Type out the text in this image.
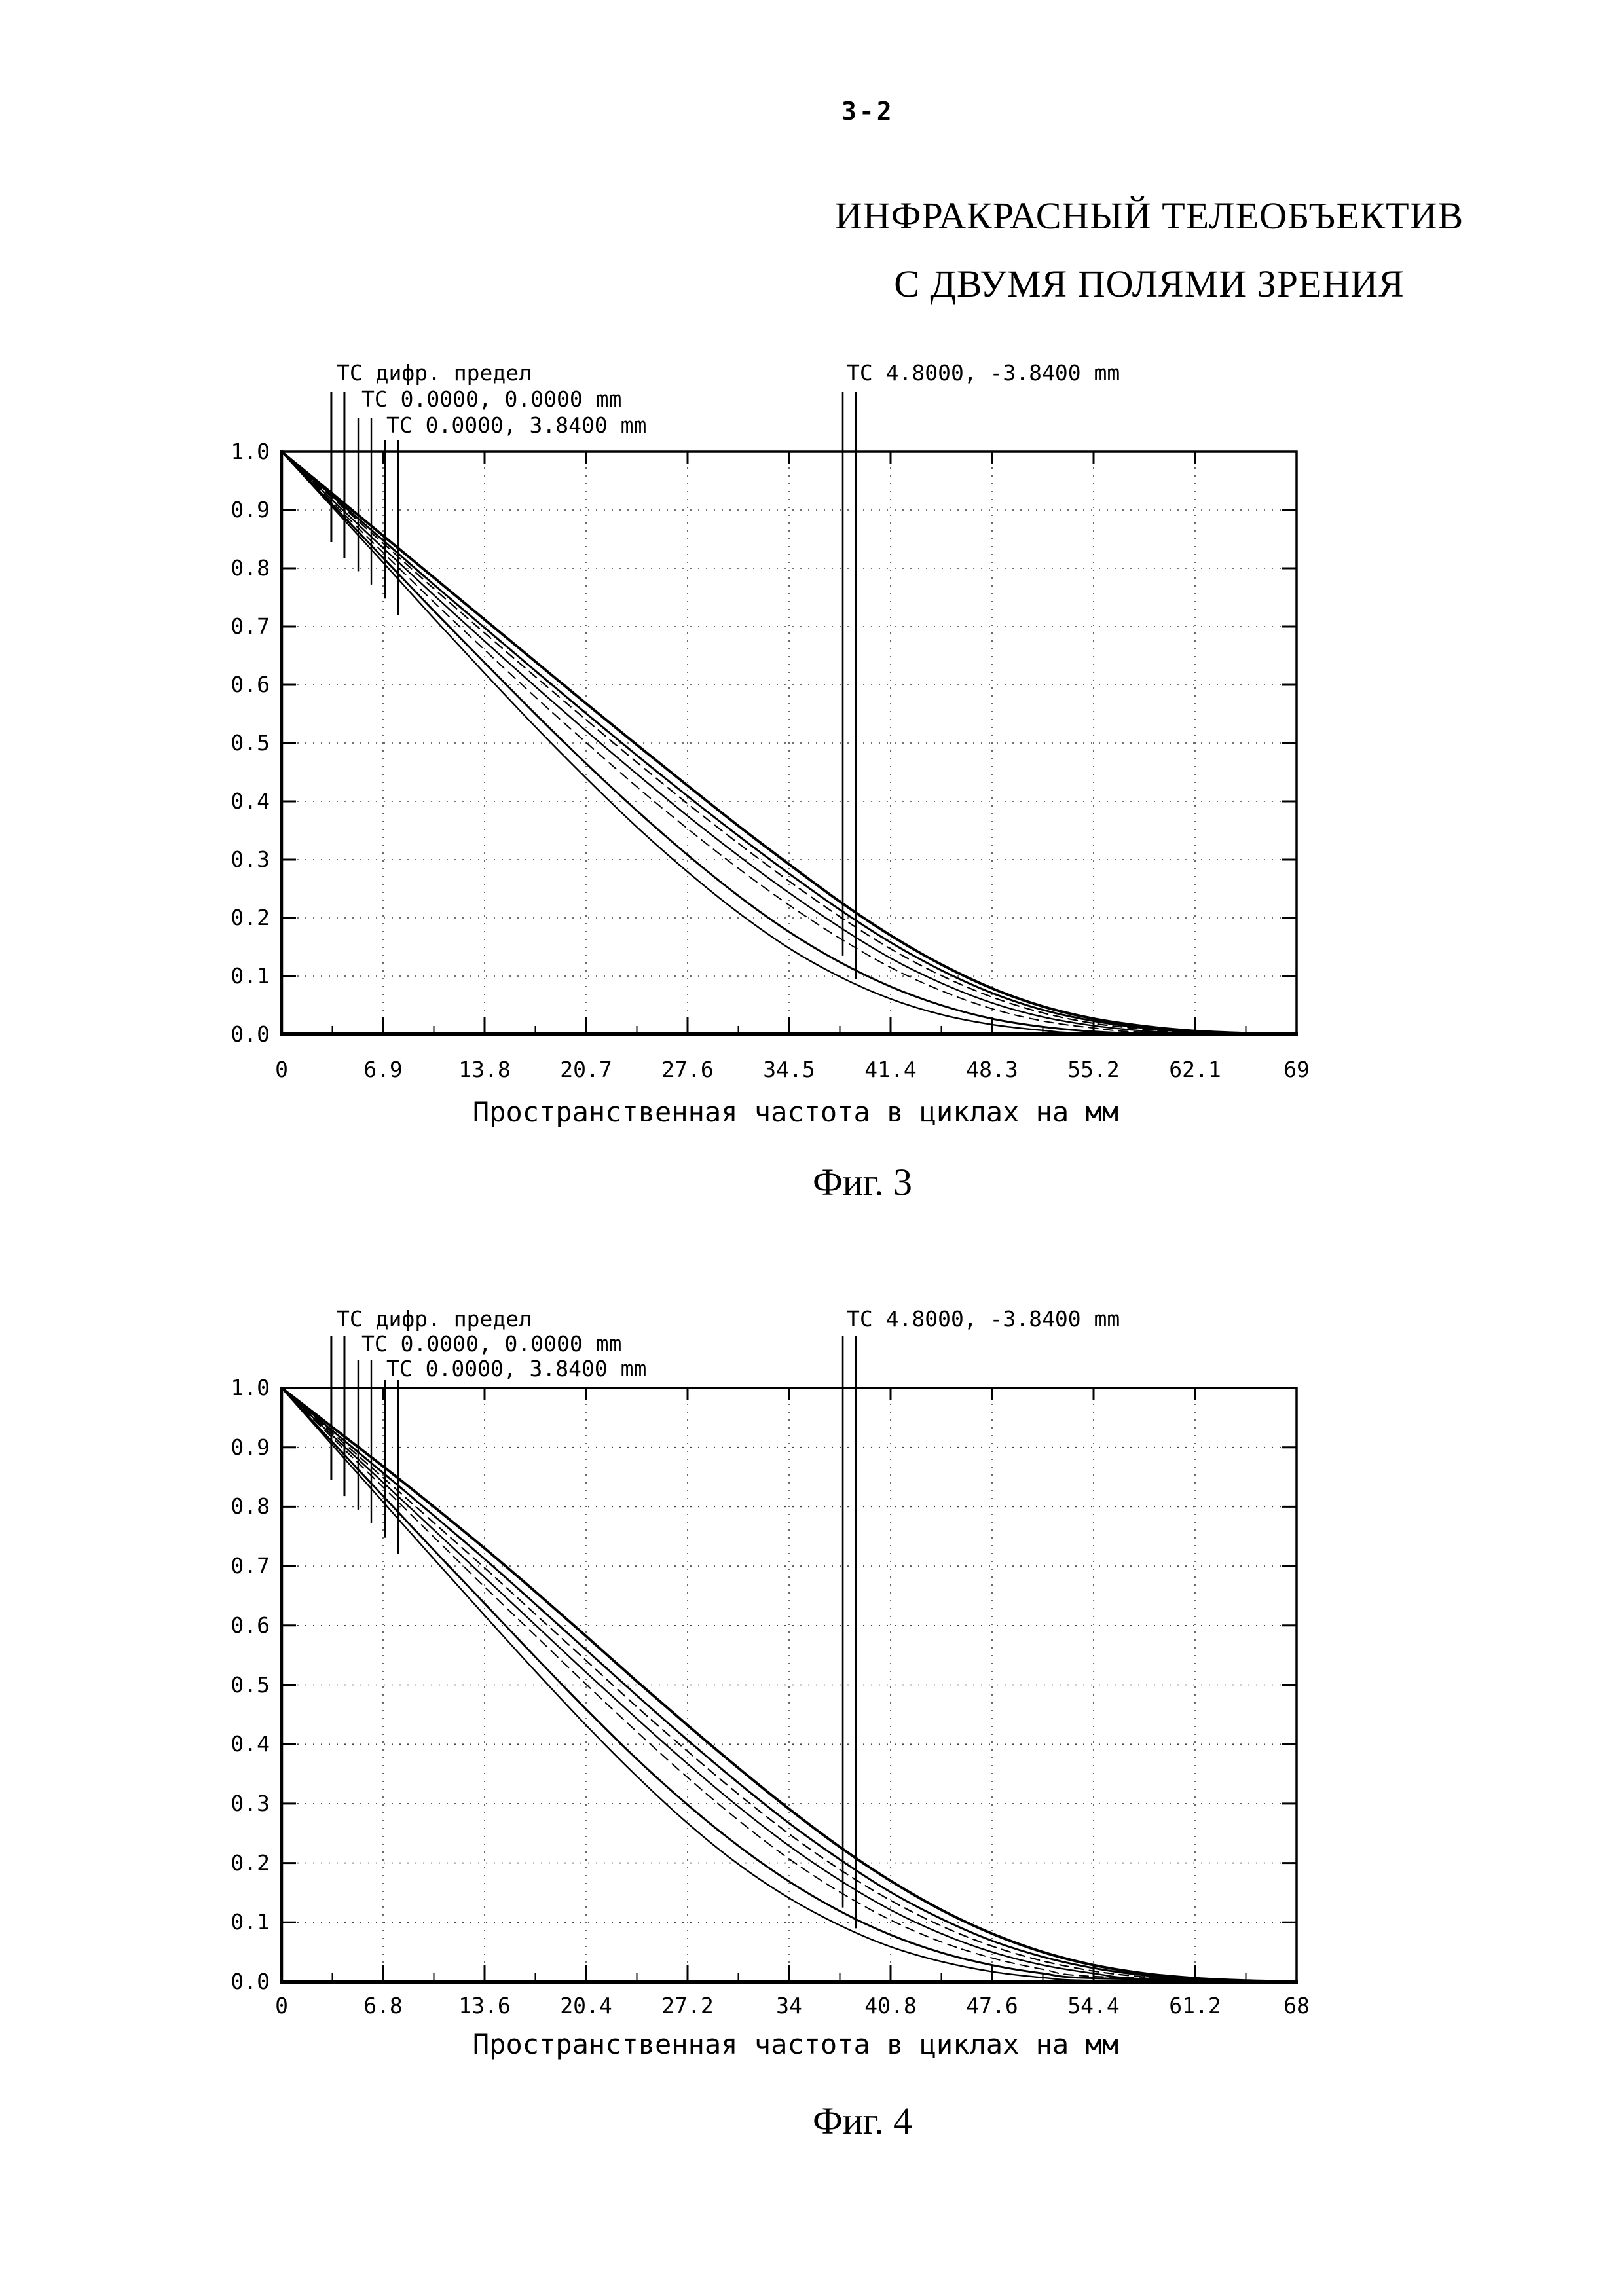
3-2
ИНФРАКРАСНЫЙ ТЕЛЕОБЪЕКТИВ
С ДВУМЯ ПОЛЯМИ ЗРЕНИЯ
Пространственная частота в циклах на мм
Пространственная частота в циклах на мм
Фиг. 3
Фиг. 4
1.0
0.9
0.8
0.7
0.6
0.5
0.4
0.3
0.2
0.1
0.0
0	6.9	13.8 20.7 27.6 34.5 41.4 48.3 55.2 62.1	69
ТС дифр. предел
ТС 0.0000, 0.0000 mm
ТС 0.0000, 3.8400 mm
ТС 4.8000, -3.8400 mm
1.0
0.9
0.8
0.7
0.6
0.5
0.4
0.3
0.2
0.1
0.0
0	6.8	13.6 20.4 27.2	34	40.8 47.6 54.4 61.2	68
ТС дифр. предел
ТС 0.0000, 0.0000 mm
ТС 0.0000, 3.8400 mm
ТС 4.8000, -3.8400 mm
